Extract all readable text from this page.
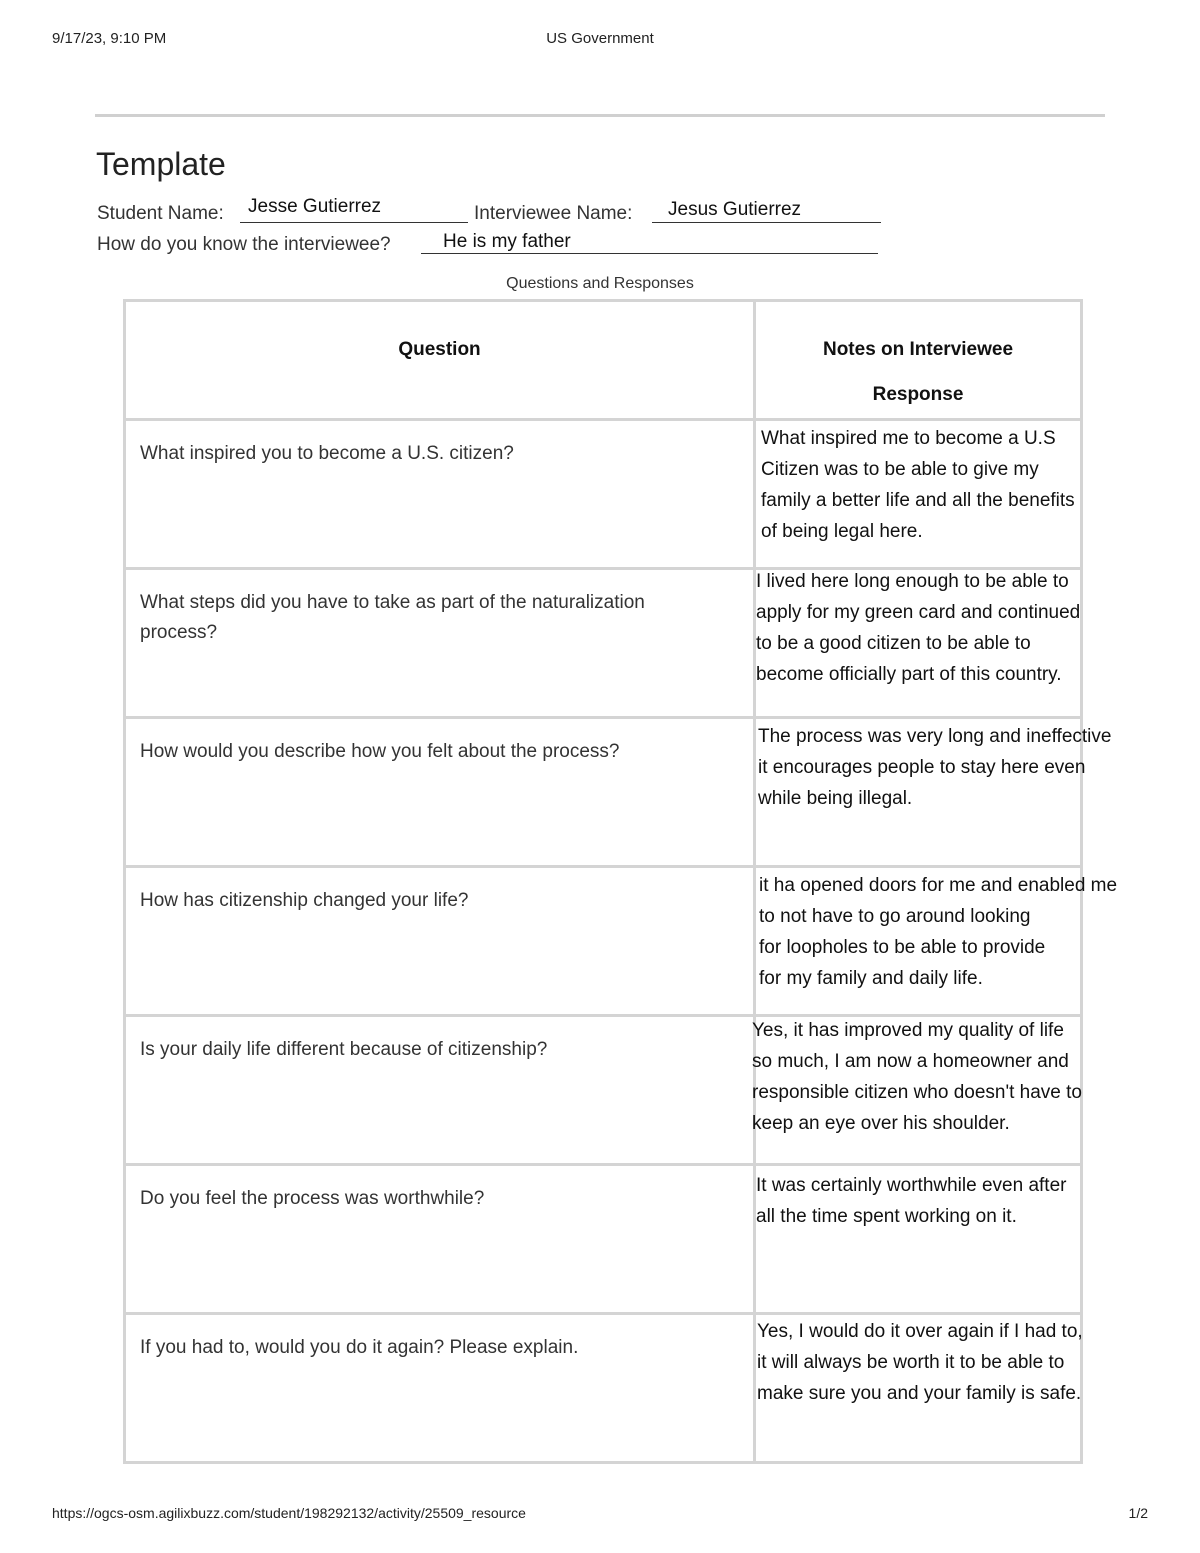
9/17/23, 9:10 PM	US Government
Template
Student Name: Jesse Gutierrez	Interviewee Name: Jesus Gutierrez
How do you know the interviewee?	He is my father
Questions and Responses
Question	Notes on Interviewee
Response
What inspired you to become a U.S. citizen?	What inspired me to become a U.S
Citizen was to be able to give my
family a better life and all the benefits
of being legal here.

What steps did you have to take as part of the naturalization process?	I lived here long enough to be able to
apply for my green card and continued
to be a good citizen to be able to
become officially part of this country.

How would you describe how you felt about the process?	The process was very long and ineffective
it encourages people to stay here even
while being illegal.

How has citizenship changed your life?	it ha opened doors for me and enabled me
to not have to go around looking
for loopholes to be able to provide
for my family and daily life.

Is your daily life different because of citizenship?	Yes, it has improved my quality of life
so much, I am now a homeowner and
responsible citizen who doesn't have to
keep an eye over his shoulder.

Do you feel the process was worthwhile?	It was certainly worthwhile even after
all the time spent working on it.

If you had to, would you do it again? Please explain.	Yes, I would do it over again if I had to,
it will always be worth it to be able to
make sure you and your family is safe.
https://ogcs-osm.agilixbuzz.com/student/198292132/activity/25509_resource	1/2
